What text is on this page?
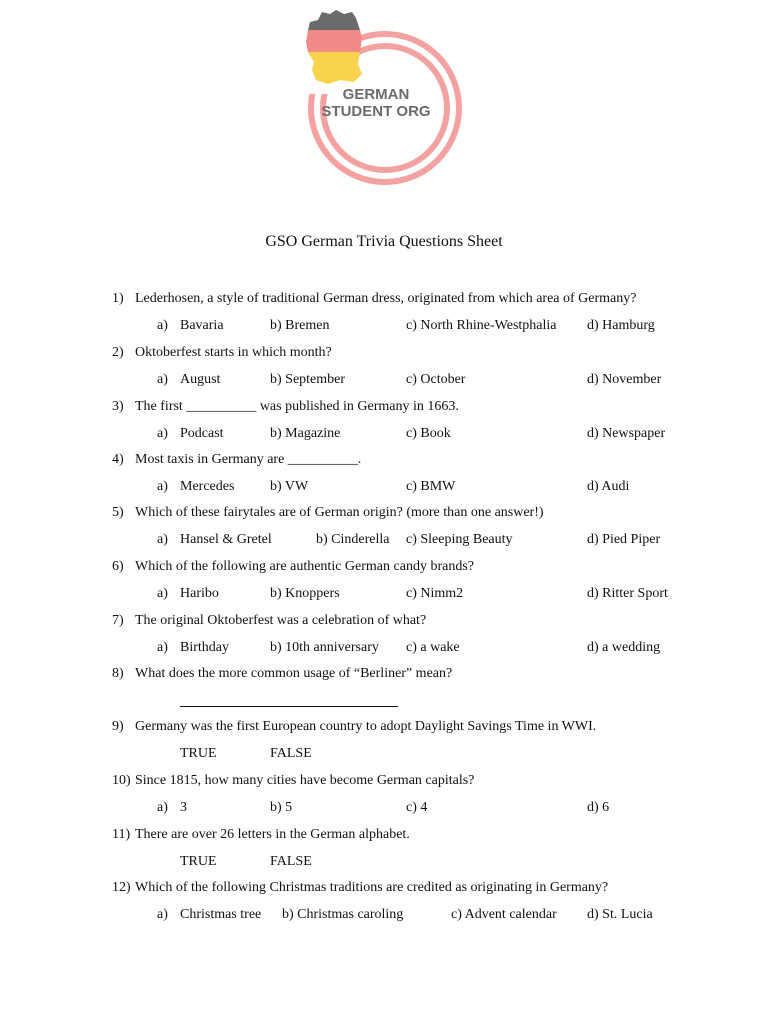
GERMAN
STUDENT ORG
GSO German Trivia Questions Sheet
1) Lederhosen, a style of traditional German dress, originated from which area of Germany?
a) Bavaria	b) Bremen	c) North Rhine-Westphalia d) Hamburg
2) Oktoberfest starts in which month?
a) August	b) September	c) October	d) November
3) The first __________ was published in Germany in 1663.
a) Podcast	b) Magazine	c) Book	d) Newspaper
4) Most taxis in Germany are __________.
a) Mercedes	b) VW	c) BMW	d) Audi
5) Which of these fairytales are of German origin? (more than one answer!)
a) Hansel & Gretel	b) Cinderella c) Sleeping Beauty	d) Pied Piper
6) Which of the following are authentic German candy brands?
a) Haribo	b) Knoppers	c) Nimm2	d) Ritter Sport
7) The original Oktoberfest was a celebration of what?
a) Birthday	b) 10th anniversary c) a wake	d) a wedding
8) What does the more common usage of “Berliner” mean?
9) Germany was the first European country to adopt Daylight Savings Time in WWI.
TRUE	FALSE
10) Since 1815, how many cities have become German capitals?
a) 3	b) 5	c) 4	d) 6
11) There are over 26 letters in the German alphabet.
TRUE	FALSE
12) Which of the following Christmas traditions are credited as originating in Germany?
a) Christmas tree b) Christmas caroling	c) Advent calendar d) St. Lucia
